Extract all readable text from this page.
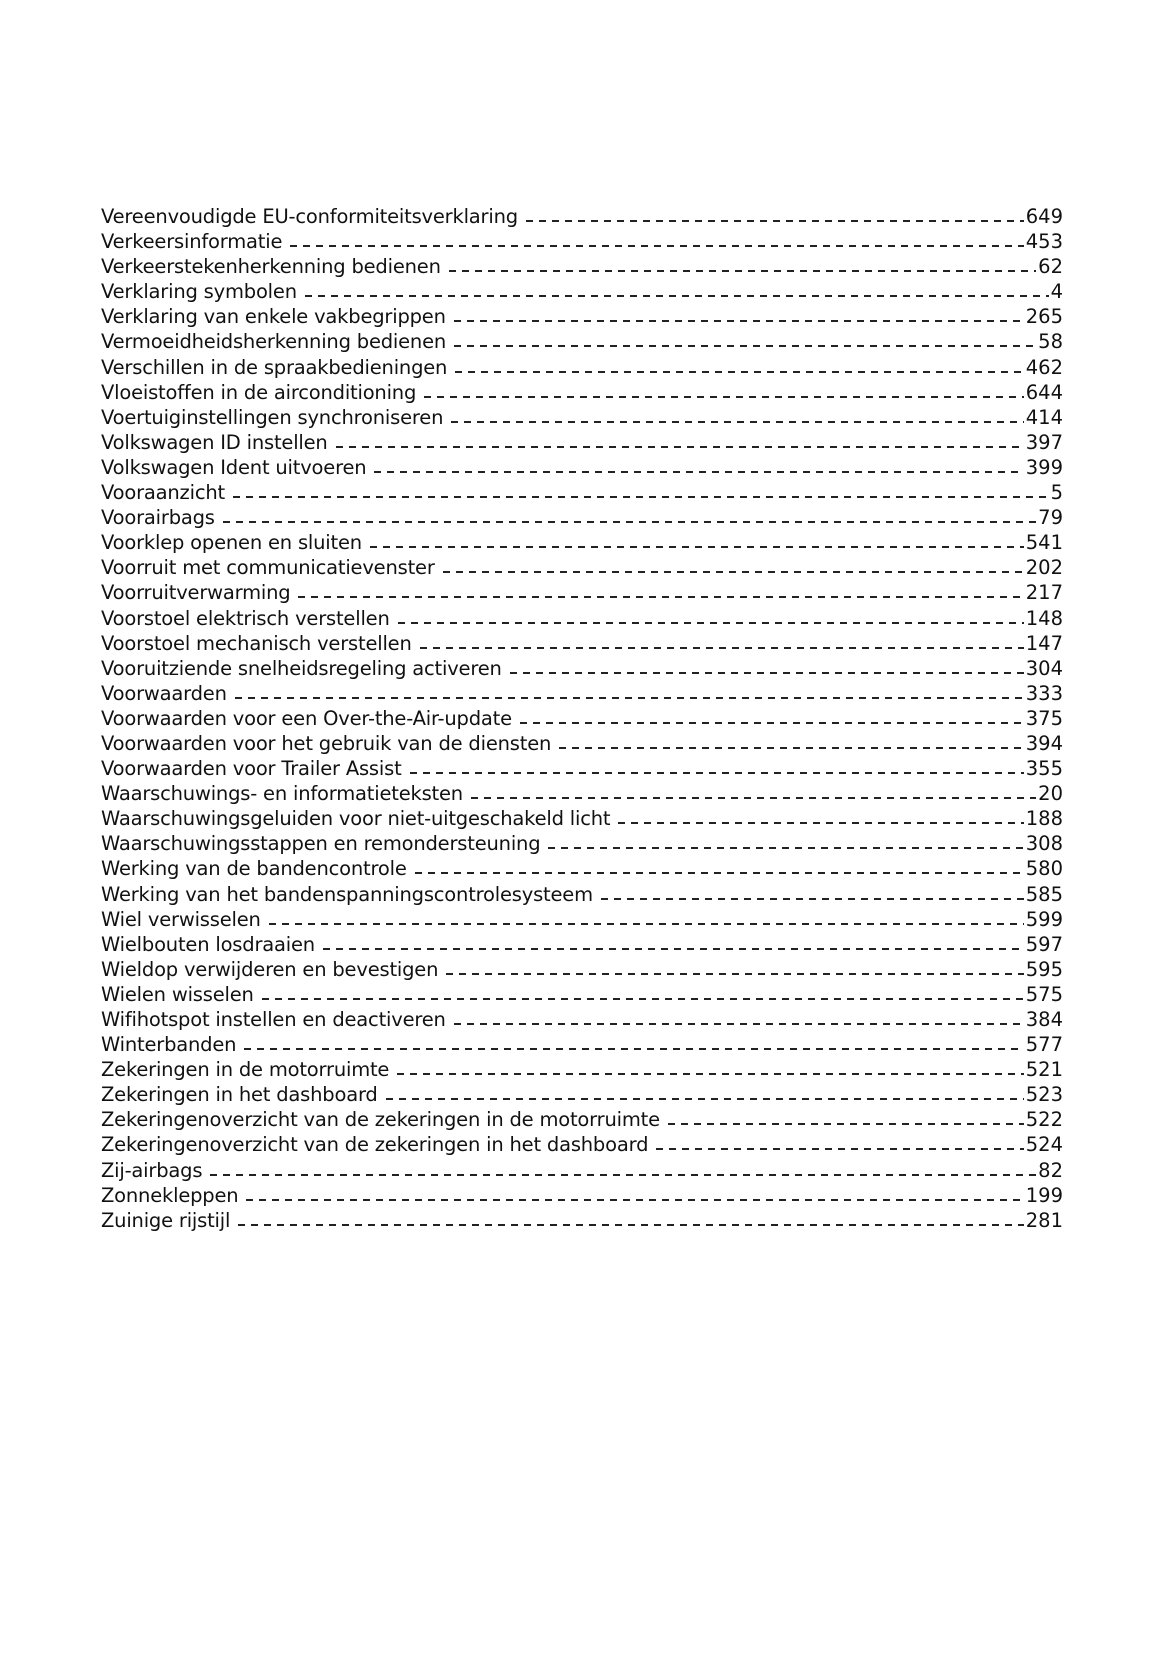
Vereenvoudigde EU-conformiteitsverklaring	649
Verkeersinformatie	453
Verkeerstekenherkenning bedienen	62
Verklaring symbolen	4
Verklaring van enkele vakbegrippen	265
Vermoeidheidsherkenning bedienen	58
Verschillen in de spraakbedieningen	462
Vloeistoffen in de airconditioning	644
Voertuiginstellingen synchroniseren	414
Volkswagen ID instellen	397
Volkswagen Ident uitvoeren	399
Vooraanzicht	5
Voorairbags	79
Voorklep openen en sluiten	541
Voorruit met communicatievenster	202
Voorruitverwarming	217
Voorstoel elektrisch verstellen	148
Voorstoel mechanisch verstellen	147
Vooruitziende snelheidsregeling activeren	304
Voorwaarden	333
Voorwaarden voor een Over-the-Air-update	375
Voorwaarden voor het gebruik van de diensten	394
Voorwaarden voor Trailer Assist	355
Waarschuwings- en informatieteksten	20
Waarschuwingsgeluiden voor niet-uitgeschakeld licht	188
Waarschuwingsstappen en remondersteuning	308
Werking van de bandencontrole	580
Werking van het bandenspanningscontrolesysteem	585
Wiel verwisselen	599
Wielbouten losdraaien	597
Wieldop verwijderen en bevestigen	595
Wielen wisselen	575
Wifihotspot instellen en deactiveren	384
Winterbanden	577
Zekeringen in de motorruimte	521
Zekeringen in het dashboard	523
Zekeringenoverzicht van de zekeringen in de motorruimte	522
Zekeringenoverzicht van de zekeringen in het dashboard	524
Zij-airbags	82
Zonnekleppen	199
Zuinige rijstijl	281
